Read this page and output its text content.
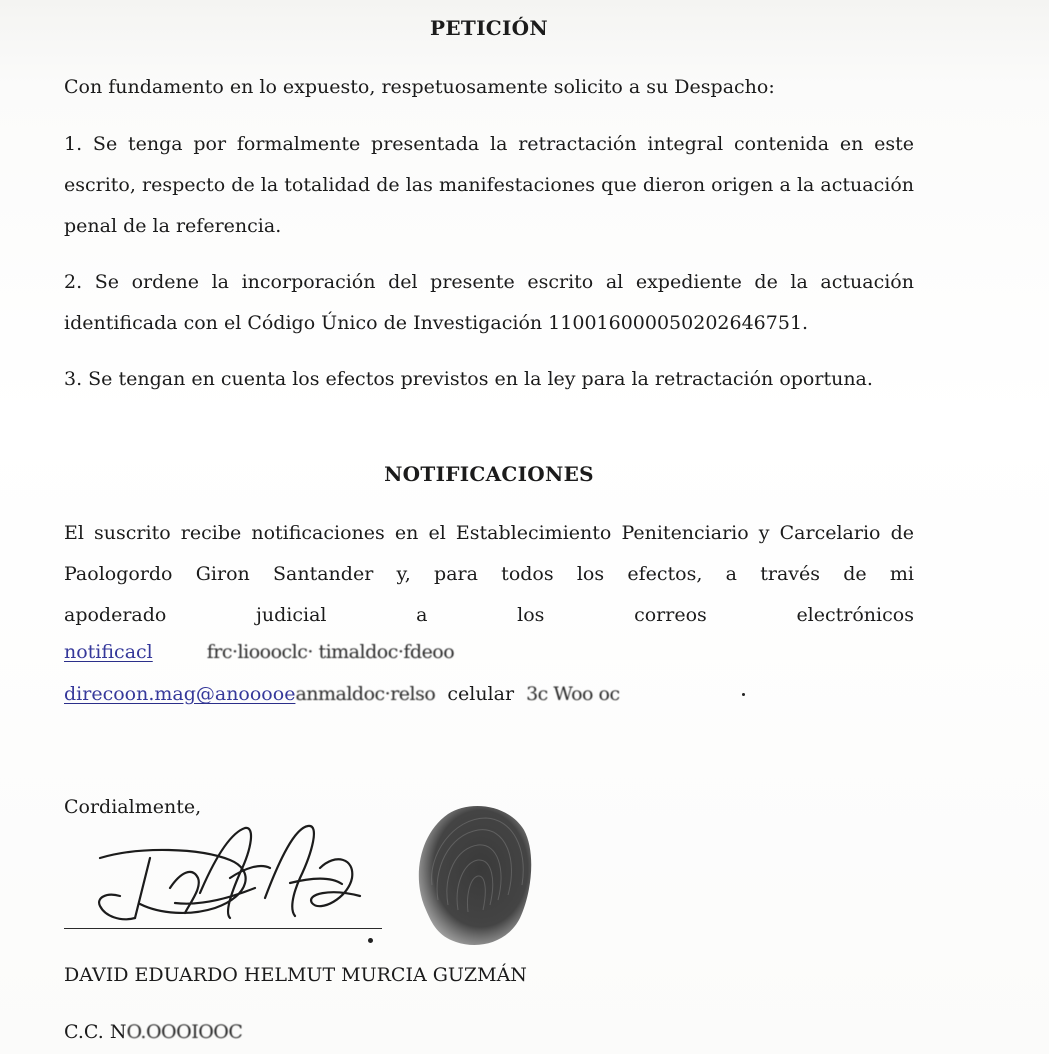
PETICIÓN

Con fundamento en lo expuesto, respetuosamente solicito a su Despacho:

1. Se tenga por formalmente presentada la retractación integral contenida en este escrito, respecto de la totalidad de las manifestaciones que dieron origen a la actuación penal de la referencia.

2. Se ordene la incorporación del presente escrito al expediente de la actuación identificada con el Código Único de Investigación 110016000050202646751.

3. Se tengan en cuenta los efectos previstos en la ley para la retractación oportuna.

NOTIFICACIONES

El suscrito recibe notificaciones en el Establecimiento Penitenciario y Carcelario de Paologordo Giron Santander y, para todos los efectos, a través de mi

apoderado	judicial	a	los	correos	electrónicos
notificacl	frc·lioooclc· timaldoc·fdeoo
direcoon.mag@anooooeanmaldoc·relso celular 3c Woo oc
Cordialmente,
DAVID EDUARDO HELMUT MURCIA GUZMÁN
C.C. NO.OOOIOOC
